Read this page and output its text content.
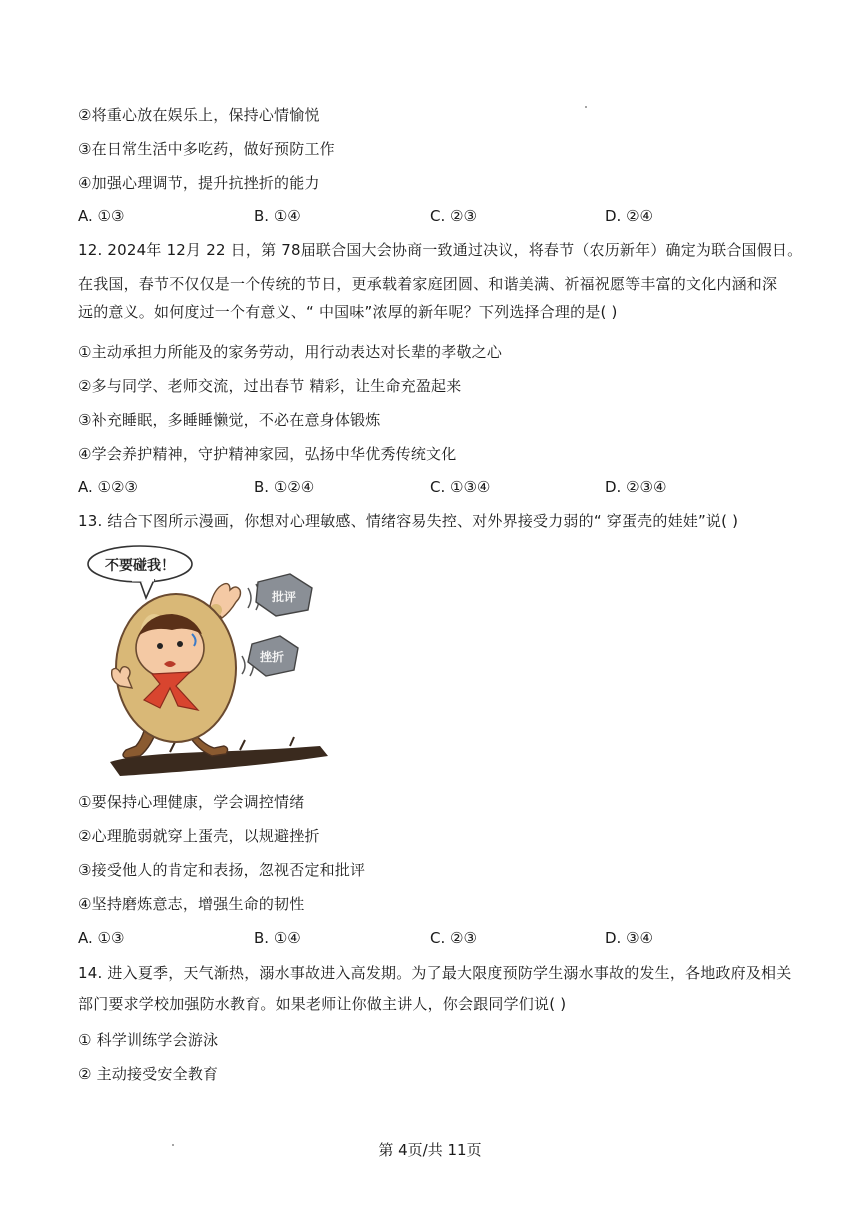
②将重心放在娱乐上，保持心情愉悦
③在日常生活中多吃药，做好预防工作
④加强心理调节，提升抗挫折的能力
A. ①③	B. ①④	C. ②③	D. ②④
12. 2024年 12月 22 日，第 78届联合国大会协商一致通过决议，将春节（农历新年）确定为联合国假日。
在我国，春节不仅仅是一个传统的节日，更承载着家庭团圆、和谐美满、祈福祝愿等丰富的文化内涵和深
远的意义。如何度过一个有意义、“ 中国味”浓厚的新年呢？下列选择合理的是( )
①主动承担力所能及的家务劳动，用行动表达对长辈的孝敬之心
②多与同学、老师交流，过出春节 精彩，让生命充盈起来
③补充睡眠，多睡睡懒觉，不必在意身体锻炼
④学会养护精神，守护精神家园，弘扬中华优秀传统文化
A. ①②③	B. ①②④	C. ①③④	D. ②③④
13. 结合下图所示漫画，你想对心理敏感、情绪容易失控、对外界接受力弱的“ 穿蛋壳的娃娃”说( )
不要碰我！
批评
挫折
①要保持心理健康，学会调控情绪
②心理脆弱就穿上蛋壳，以规避挫折
③接受他人的肯定和表扬，忽视否定和批评
④坚持磨炼意志，增强生命的韧性
A. ①③	B. ①④	C. ②③	D. ③④
14. 进入夏季，天气渐热，溺水事故进入高发期。为了最大限度预防学生溺水事故的发生，各地政府及相关
部门要求学校加强防水教育。如果老师让你做主讲人，你会跟同学们说( )
① 科学训练学会游泳
② 主动接受安全教育
第 4页/共 11页
